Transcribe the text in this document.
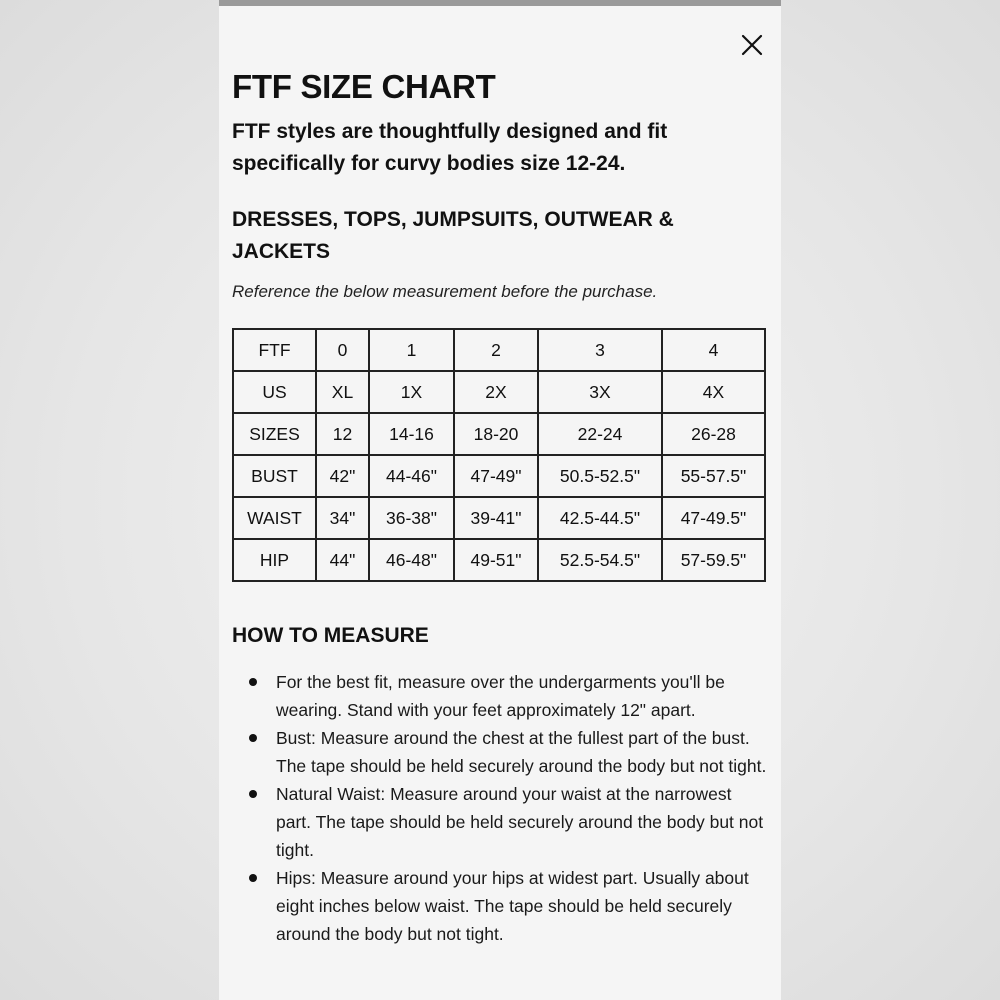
FTF SIZE CHART

FTF styles are thoughtfully designed and fit specifically for curvy bodies size 12-24.

DRESSES, TOPS, JUMPSUITS, OUTWEAR & JACKETS

Reference the below measurement before the purchase.

FTF	0	1	2	3	4
US	XL	1X	2X	3X	4X
SIZES	12	14-16	18-20	22-24	26-28
BUST	42"	44-46"	47-49"	50.5-52.5"	55-57.5"
WAIST	34"	36-38"	39-41"	42.5-44.5"	47-49.5"
HIP	44"	46-48"	49-51"	52.5-54.5"	57-59.5"
HOW TO MEASURE
For the best fit, measure over the undergarments you'll be wearing. Stand with your feet approximately 12" apart.
Bust: Measure around the chest at the fullest part of the bust. The tape should be held securely around the body but not tight.
Natural Waist: Measure around your waist at the narrowest part. The tape should be held securely around the body but not tight.
Hips: Measure around your hips at widest part. Usually about eight inches below waist. The tape should be held securely around the body but not tight.
